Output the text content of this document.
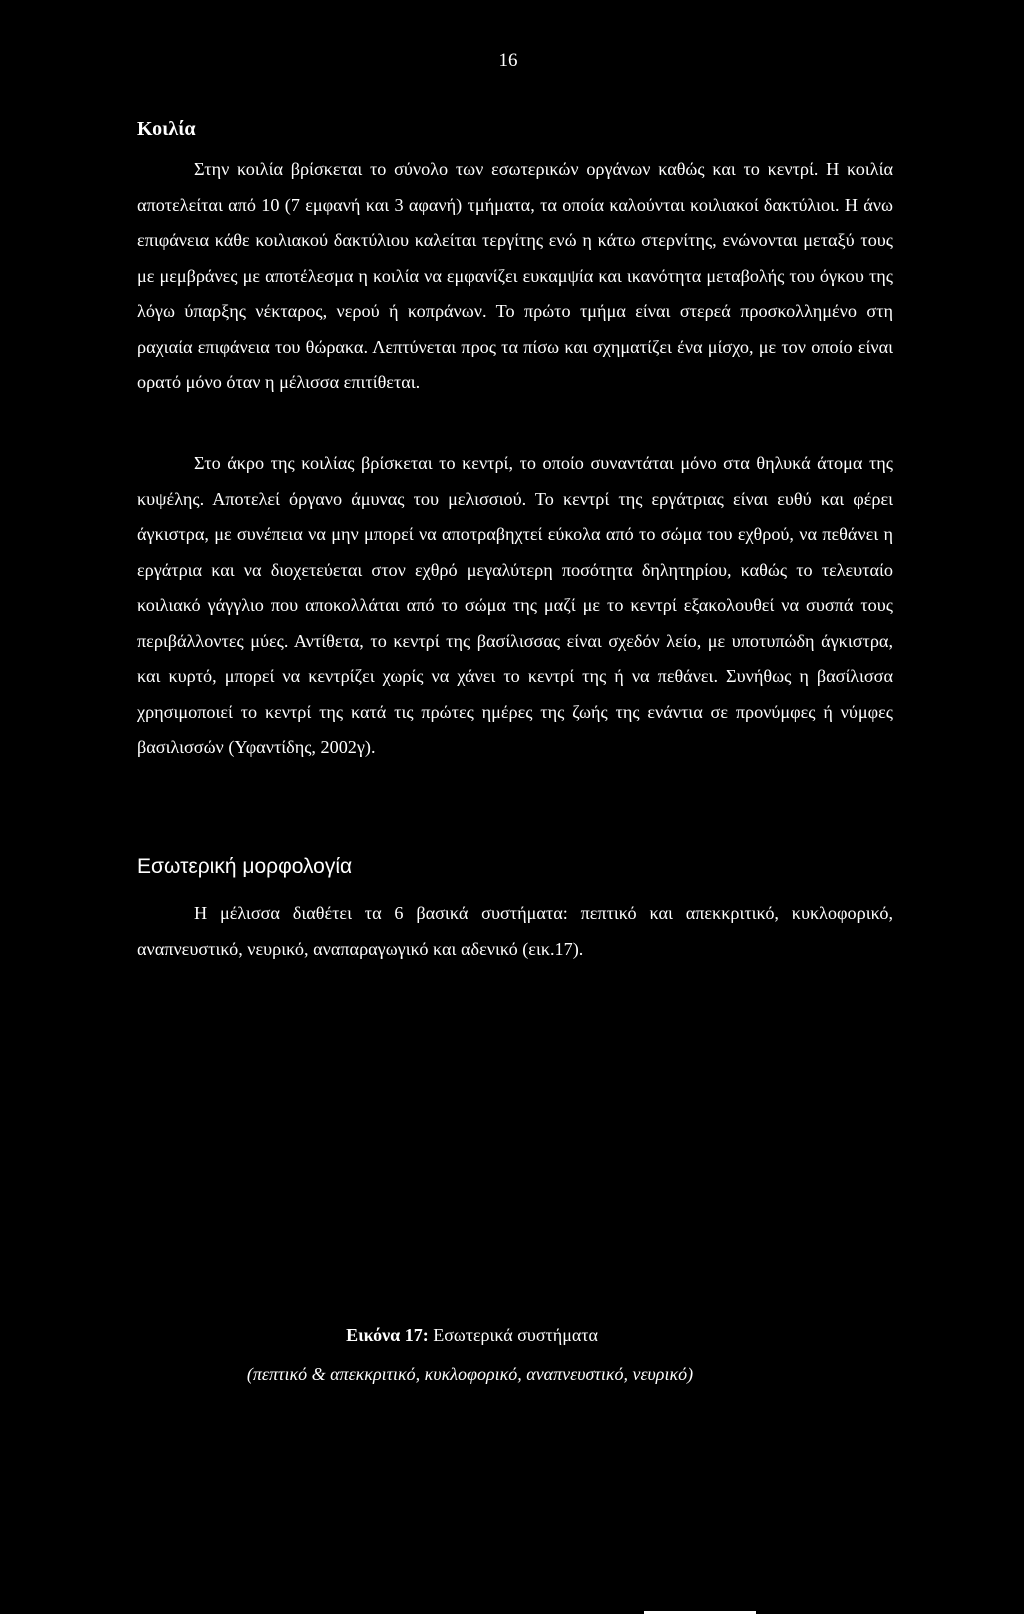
16
Κοιλία

Στην κοιλία βρίσκεται το σύνολο των εσωτερικών οργάνων καθώς και το κεντρί. Η κοιλία αποτελείται από 10 (7 εμφανή και 3 αφανή) τμήματα, τα οποία καλούνται κοιλιακοί δακτύλιοι. Η άνω επιφάνεια κάθε κοιλιακού δακτύλιου καλείται τεργίτης ενώ η κάτω στερνίτης, ενώνονται μεταξύ τους με μεμβράνες με αποτέλεσμα η κοιλία να εμφανίζει ευκαμψία και ικανότητα μεταβολής του όγκου της λόγω ύπαρξης νέκταρος, νερού ή κοπράνων. Το πρώτο τμήμα είναι στερεά προσκολλημένο στη ραχιαία επιφάνεια του θώρακα. Λεπτύνεται προς τα πίσω και σχηματίζει ένα μίσχο, με τον οποίο είναι ορατό μόνο όταν η μέλισσα επιτίθεται.

Στο άκρο της κοιλίας βρίσκεται το κεντρί, το οποίο συναντάται μόνο στα θηλυκά άτομα της κυψέλης. Αποτελεί όργανο άμυνας του μελισσιού. Το κεντρί της εργάτριας είναι ευθύ και φέρει άγκιστρα, με συνέπεια να μην μπορεί να αποτραβηχτεί εύκολα από το σώμα του εχθρού, να πεθάνει η εργάτρια και να διοχετεύεται στον εχθρό μεγαλύτερη ποσότητα δηλητηρίου, καθώς το τελευταίο κοιλιακό γάγγλιο που αποκολλάται από το σώμα της μαζί με το κεντρί εξακολουθεί να συσπά τους περιβάλλοντες μύες. Αντίθετα, το κεντρί της βασίλισσας είναι σχεδόν λείο, με υποτυπώδη άγκιστρα, και κυρτό, μπορεί να κεντρίζει χωρίς να χάνει το κεντρί της ή να πεθάνει. Συνήθως η βασίλισσα χρησιμοποιεί το κεντρί της κατά τις πρώτες ημέρες της ζωής της ενάντια σε προνύμφες ή νύμφες βασιλισσών (Υφαντίδης, 2002γ).

Εσωτερική μορφολογία

Η μέλισσα διαθέτει τα 6 βασικά συστήματα: πεπτικό και απεκκριτικό, κυκλοφορικό, αναπνευστικό, νευρικό, αναπαραγωγικό και αδενικό (εικ.17).

Εικόνα 17: Εσωτερικά συστήματα
(πεπτικό & απεκκριτικό, κυκλοφορικό, αναπνευστικό, νευρικό)
